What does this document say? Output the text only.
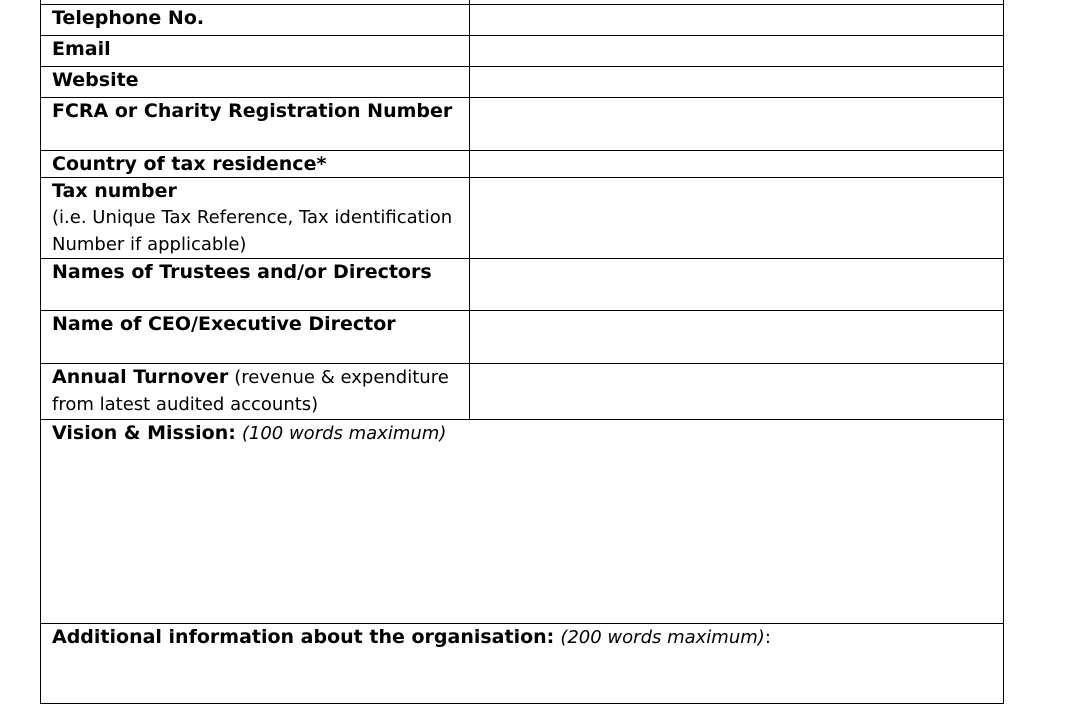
Telephone No.	
Email	
Website	
FCRA or Charity Registration Number	
Country of tax residence*	

Tax number
(i.e. Unique Tax Reference, Tax identification Number if applicable)	
Names of Trustees and/or Directors	
Name of CEO/Executive Director	
Annual Turnover (revenue & expenditure from latest audited accounts)	
Vision & Mission: (100 words maximum)	
Additional information about the organisation: (200 words maximum):	
